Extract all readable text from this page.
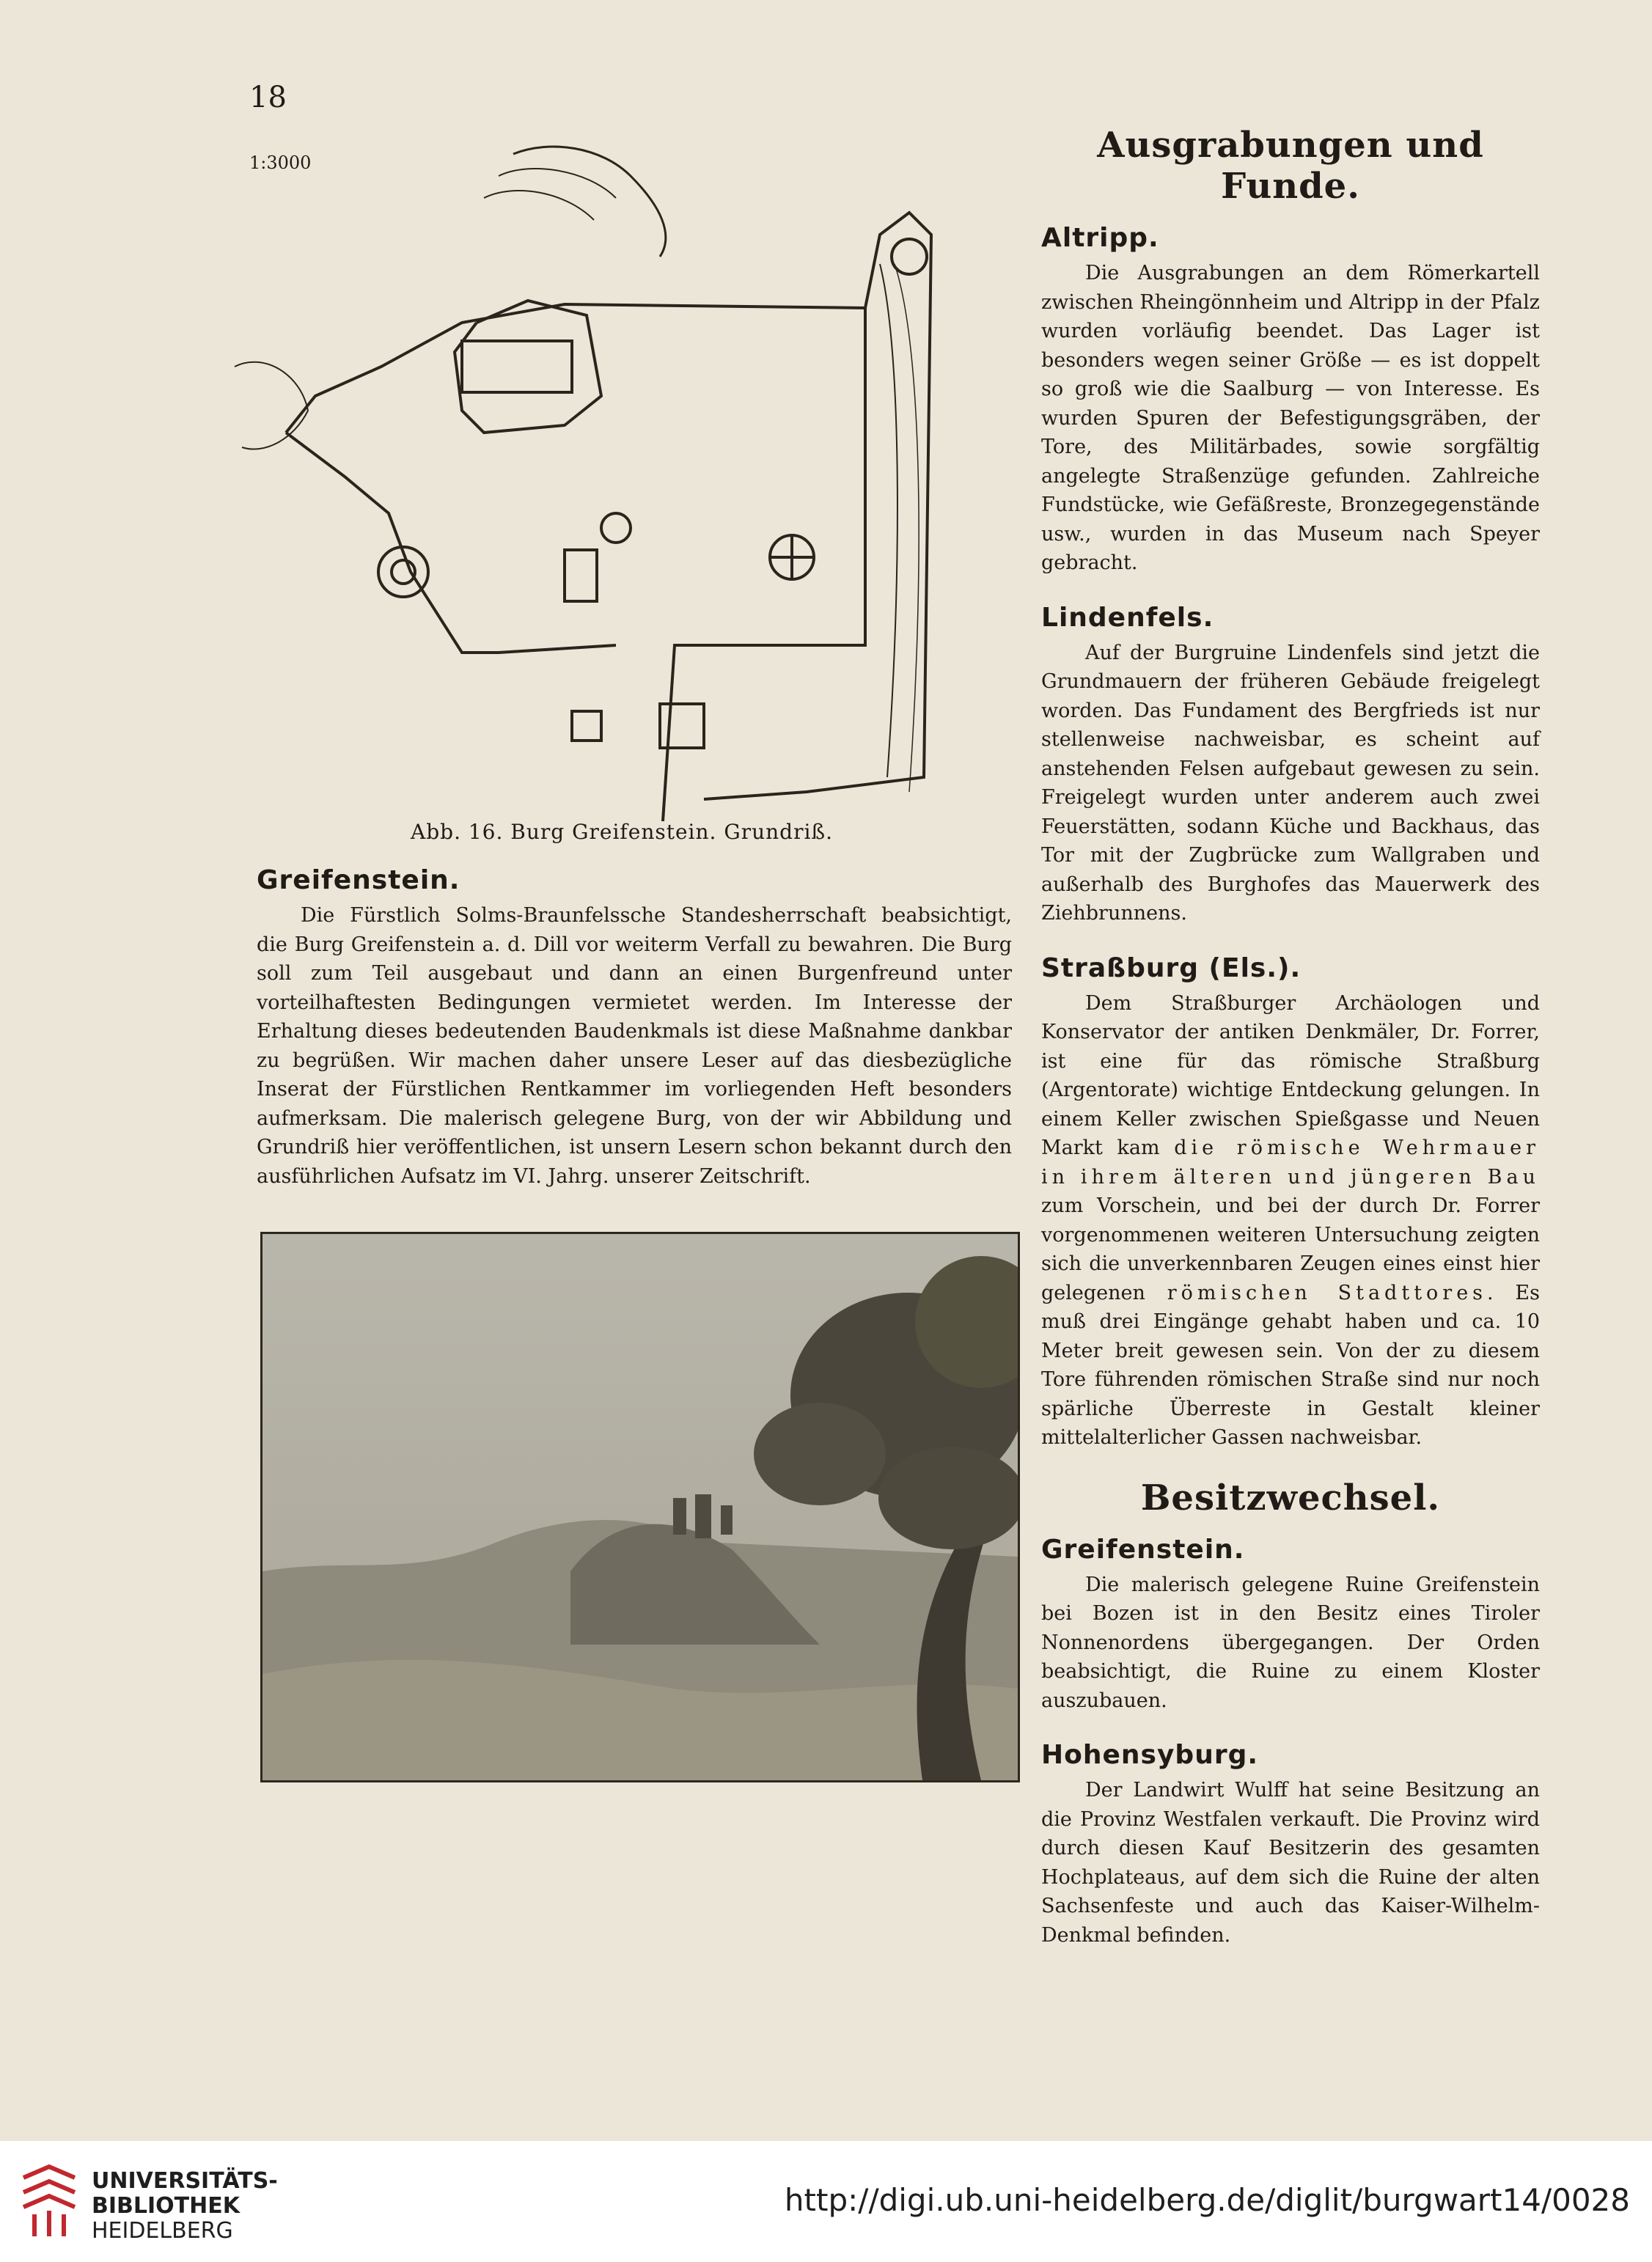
18
1:3000
Abb. 16. Burg Greifenstein. Grundriß.
Greifenstein.

Die Fürstlich Solms-Braunfelssche Standesherrschaft beabsichtigt, die Burg Greifenstein a. d. Dill vor weiterm Verfall zu bewahren. Die Burg soll zum Teil ausgebaut und dann an einen Burgenfreund unter vorteilhaftesten Bedingungen vermietet werden. Im Interesse der Erhaltung dieses bedeutenden Baudenkmals ist diese Maßnahme dankbar zu begrüßen. Wir machen daher unsere Leser auf das diesbezügliche Inserat der Fürstlichen Rentkammer im vorliegenden Heft besonders aufmerksam. Die malerisch gelegene Burg, von der wir Abbildung und Grundriß hier veröffentlichen, ist unsern Lesern schon bekannt durch den ausführlichen Aufsatz im VI. Jahrg. unserer Zeitschrift.

Ausgrabungen und Funde.
Altripp.

Die Ausgrabungen an dem Römerkartell zwischen Rheingönnheim und Altripp in der Pfalz wurden vorläufig beendet. Das Lager ist besonders wegen seiner Größe — es ist doppelt so groß wie die Saalburg — von Interesse. Es wurden Spuren der Befestigungsgräben, der Tore, des Militärbades, sowie sorgfältig angelegte Straßenzüge gefunden. Zahlreiche Fundstücke, wie Gefäßreste, Bronzegegenstände usw., wurden in das Museum nach Speyer gebracht.

Lindenfels.

Auf der Burgruine Lindenfels sind jetzt die Grundmauern der früheren Gebäude freigelegt worden. Das Fundament des Bergfrieds ist nur stellenweise nachweisbar, es scheint auf anstehenden Felsen aufgebaut gewesen zu sein. Freigelegt wurden unter anderem auch zwei Feuerstätten, sodann Küche und Backhaus, das Tor mit der Zugbrücke zum Wallgraben und außerhalb des Burghofes das Mauerwerk des Ziehbrunnens.

Straßburg (Els.).

Dem Straßburger Archäologen und Konservator der antiken Denkmäler, Dr. Forrer, ist eine für das römische Straßburg (Argentorate) wichtige Entdeckung gelungen. In einem Keller zwischen Spießgasse und Neuen Markt kam die römische Wehrmauer in ihrem älteren und jüngeren Bau zum Vorschein, und bei der durch Dr. Forrer vorgenommenen weiteren Untersuchung zeigten sich die unverkennbaren Zeugen eines einst hier gelegenen römischen Stadttores. Es muß drei Eingänge gehabt haben und ca. 10 Meter breit gewesen sein. Von der zu diesem Tore führenden römischen Straße sind nur noch spärliche Überreste in Gestalt kleiner mittelalterlicher Gassen nachweisbar.

Besitzwechsel.
Greifenstein.

Die malerisch gelegene Ruine Greifenstein bei Bozen ist in den Besitz eines Tiroler Nonnenordens übergegangen. Der Orden beabsichtigt, die Ruine zu einem Kloster auszubauen.

Hohensyburg.

Der Landwirt Wulff hat seine Besitzung an die Provinz Westfalen verkauft. Die Provinz wird durch diesen Kauf Besitzerin des gesamten Hochplateaus, auf dem sich die Ruine der alten Sachsenfeste und auch das Kaiser-Wilhelm-Denkmal befinden.

UNIVERSITÄTS-
BIBLIOTHEK
HEIDELBERG
http://digi.ub.uni-heidelberg.de/diglit/burgwart14/0028
